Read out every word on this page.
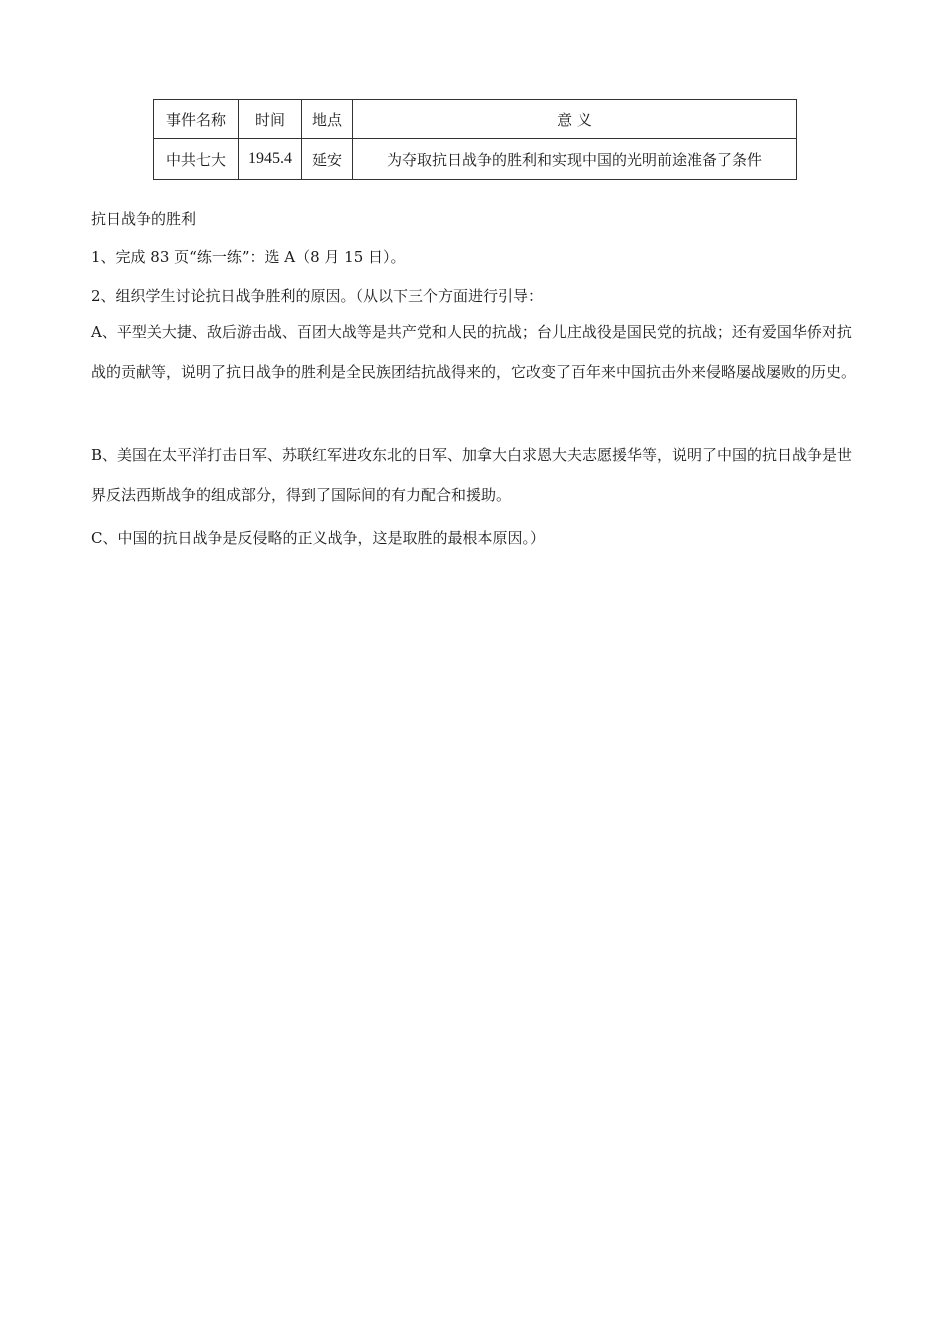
事件名称	时间	地点	意 义
中共七大	1945.4	延安	为夺取抗日战争的胜利和实现中国的光明前途准备了条件
抗日战争的胜利
1、完成 83 页“练一练”：选 A（8 月 15 日）。
2、组织学生讨论抗日战争胜利的原因。（从以下三个方面进行引导：
A、平型关大捷、敌后游击战、百团大战等是共产党和人民的抗战；台儿庄战役是国民党的抗战；还有爱国华侨对抗战的贡献等，说明了抗日战争的胜利是全民族团结抗战得来的，它改变了百年来中国抗击外来侵略屡战屡败的历史。
B、美国在太平洋打击日军、苏联红军进攻东北的日军、加拿大白求恩大夫志愿援华等，说明了中国的抗日战争是世界反法西斯战争的组成部分，得到了国际间的有力配合和援助。
C、中国的抗日战争是反侵略的正义战争，这是取胜的最根本原因。）
